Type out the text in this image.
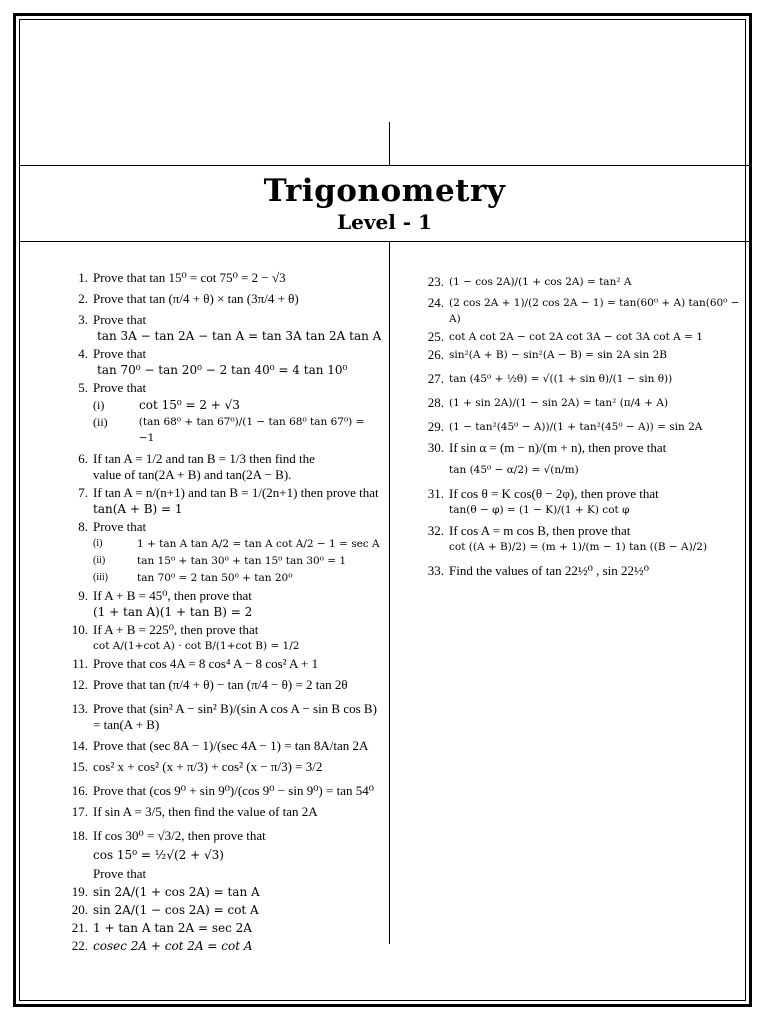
Trigonometry
Level - 1
1. Prove that tan 15⁰ = cot 75⁰ = 2 − √3
2. Prove that tan (π/4 + θ) × tan (3π/4 + θ)
3. Prove that
tan 3A − tan 2A − tan A = tan 3A tan 2A tan A
4. Prove that
tan 70⁰ − tan 20⁰ − 2 tan 40⁰ = 4 tan 10⁰
5. Prove that
(i)	cot 15⁰ = 2 + √3
(ii)	(tan 68⁰ + tan 67⁰)/(1 − tan 68⁰ tan 67⁰) = −1
6. If tan A = 1/2 and tan B = 1/3 then find the
value of tan(2A + B) and tan(2A − B).
7. If tan A = n/(n+1) and tan B = 1/(2n+1) then prove that
tan(A + B) = 1
8. Prove that
(i)	1 + tan A tan A/2 = tan A cot A/2 − 1 = sec A
(ii)	tan 15⁰ + tan 30⁰ + tan 15⁰ tan 30⁰ = 1
(iii)	tan 70⁰ = 2 tan 50⁰ + tan 20⁰
9. If A + B = 45⁰, then prove that
(1 + tan A)(1 + tan B) = 2
10. If A + B = 225⁰, then prove that
cot A/(1+cot A) · cot B/(1+cot B) = 1/2
11. Prove that cos 4A = 8 cos⁴ A − 8 cos² A + 1
12. Prove that tan (π/4 + θ) − tan (π/4 − θ) = 2 tan 2θ
13. Prove that (sin² A − sin² B)/(sin A cos A − sin B cos B) = tan(A + B)
14. Prove that (sec 8A − 1)/(sec 4A − 1) = tan 8A/tan 2A
15. cos² x + cos² (x + π/3) + cos² (x − π/3) = 3/2
16. Prove that (cos 9⁰ + sin 9⁰)/(cos 9⁰ − sin 9⁰) = tan 54⁰
17. If sin A = 3/5, then find the value of tan 2A
18. If cos 30⁰ = √3/2, then prove that
cos 15⁰ = ½√(2 + √3)
Prove that
19. sin 2A/(1 + cos 2A) = tan A
20. sin 2A/(1 − cos 2A) = cot A
21. 1 + tan A tan 2A = sec 2A
22. cosec 2A + cot 2A = cot A
23. (1 − cos 2A)/(1 + cos 2A) = tan² A
24. (2 cos 2A + 1)/(2 cos 2A − 1) = tan(60⁰ + A) tan(60⁰ − A)
25. cot A cot 2A − cot 2A cot 3A − cot 3A cot A = 1
26. sin²(A + B) − sin²(A − B) = sin 2A sin 2B
27. tan (45⁰ + ½θ) = √((1 + sin θ)/(1 − sin θ))
28. (1 + sin 2A)/(1 − sin 2A) = tan² (π/4 + A)
29. (1 − tan²(45⁰ − A))/(1 + tan²(45⁰ − A)) = sin 2A
30. If sin α = (m − n)/(m + n), then prove that
tan (45⁰ − α/2) = √(n/m)
31. If cos θ = K cos(θ − 2φ), then prove that
tan(θ − φ) = (1 − K)/(1 + K) cot φ
32. If cos A = m cos B, then prove that
cot ((A + B)/2) = (m + 1)/(m − 1) tan ((B − A)/2)
33. Find the values of tan 22½⁰ , sin 22½⁰
